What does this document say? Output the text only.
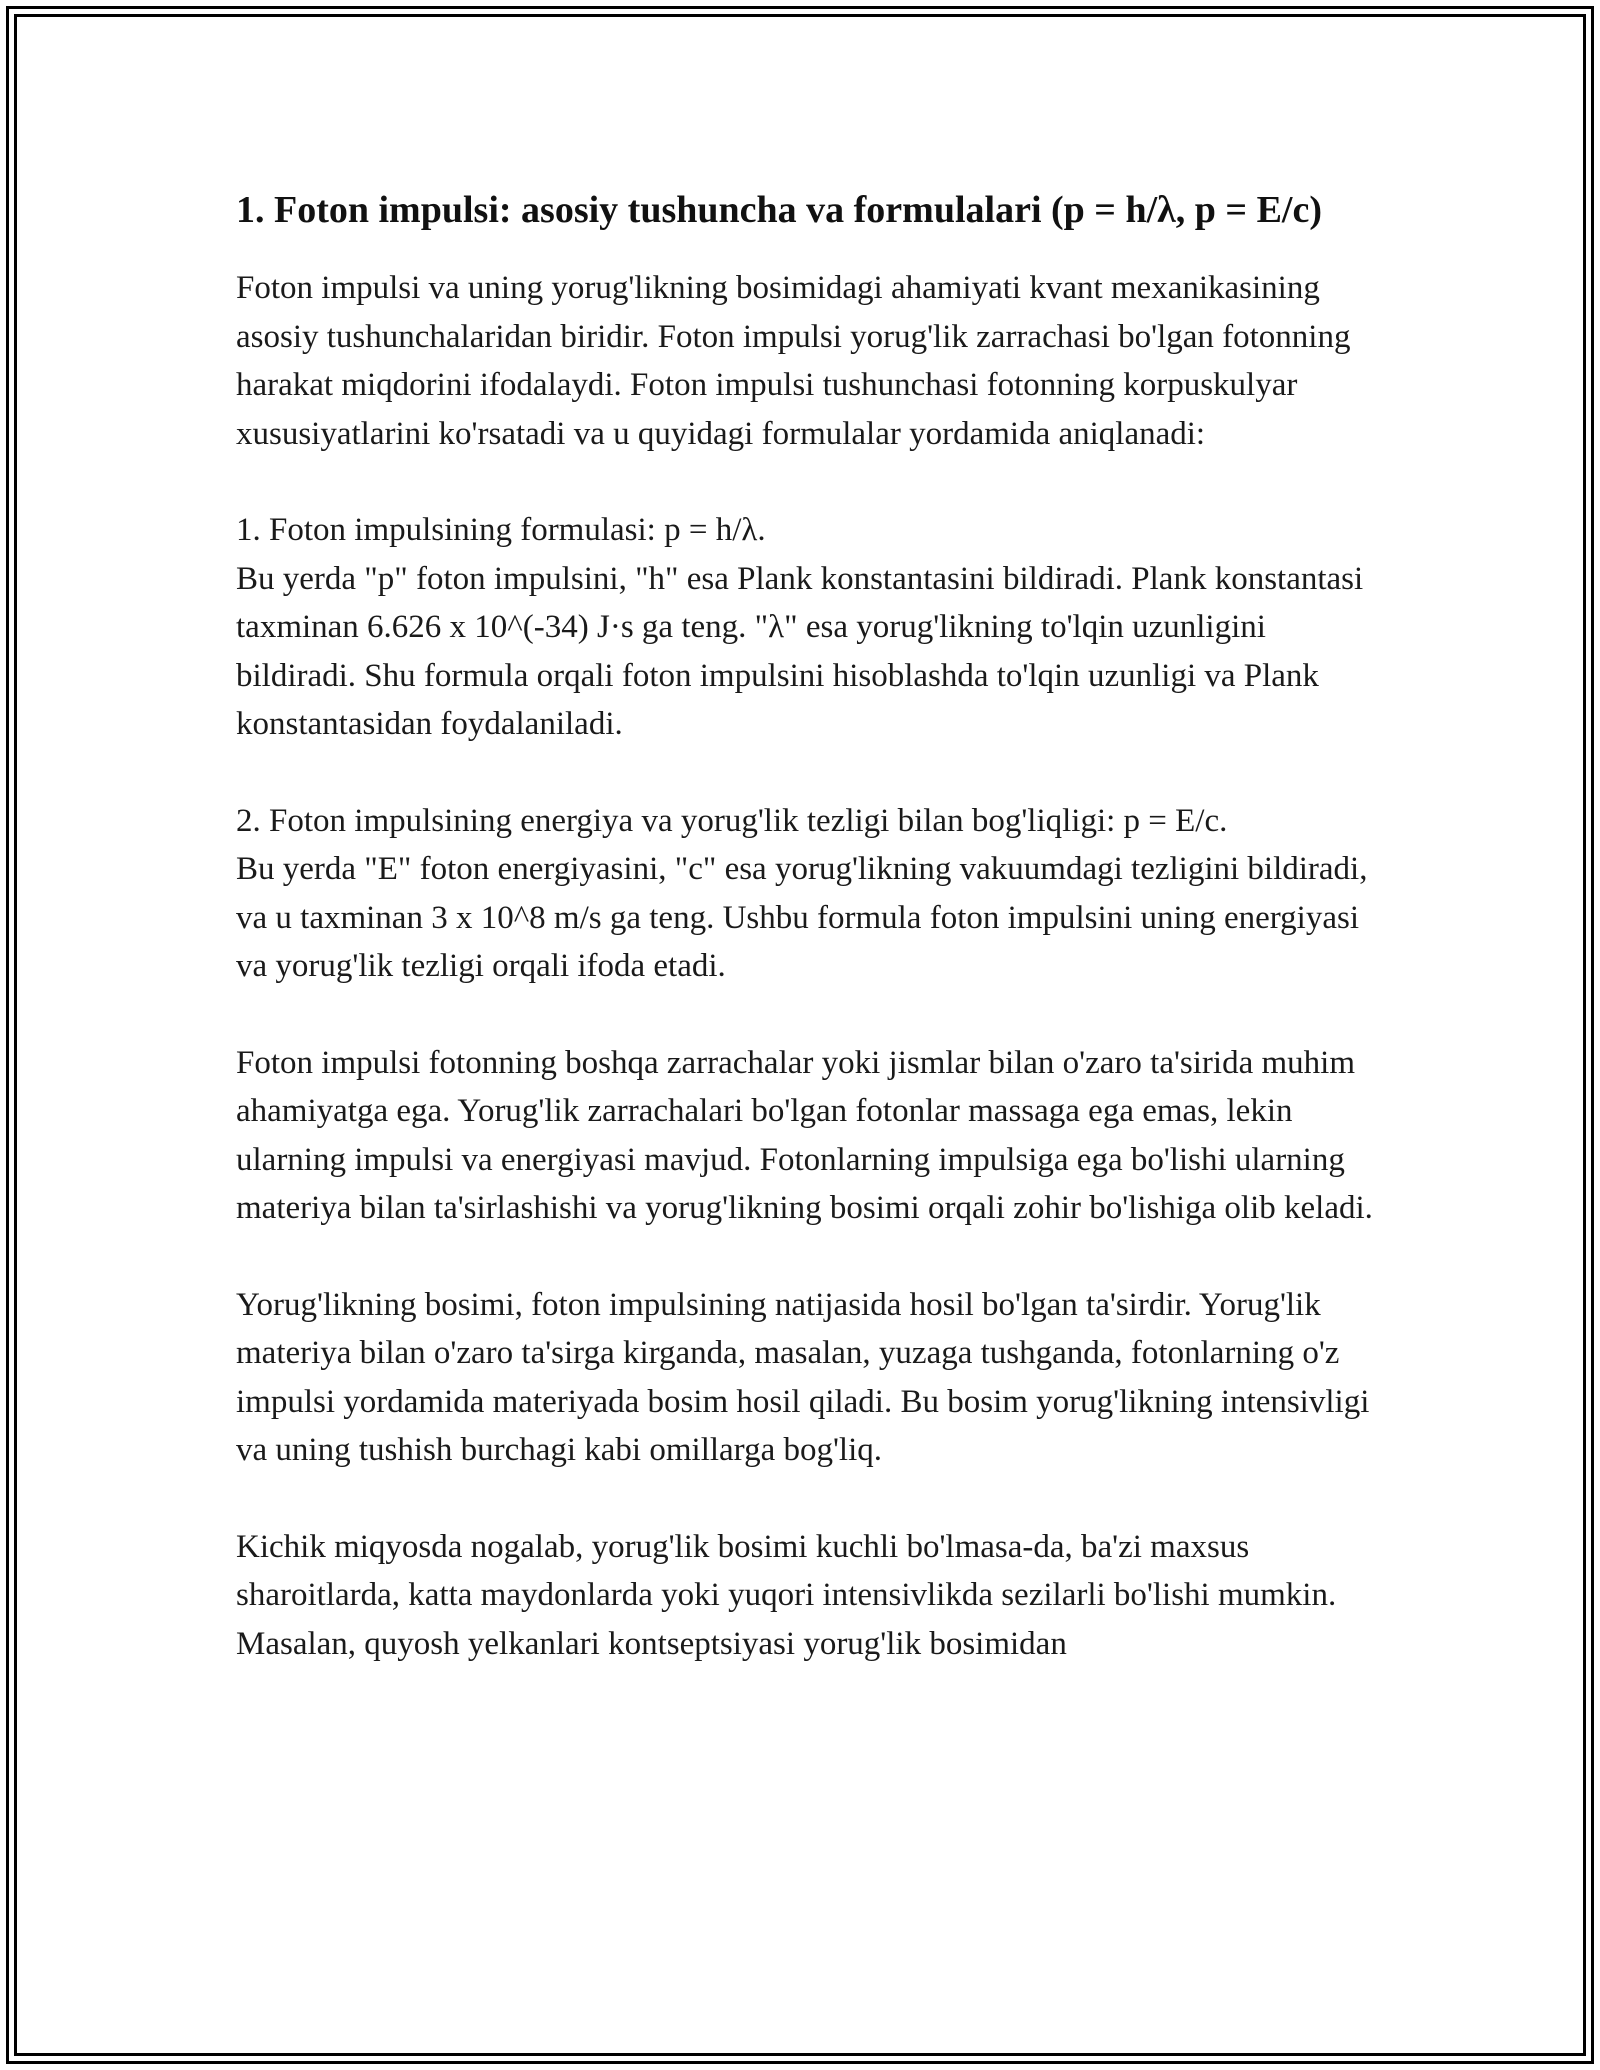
1. Foton impulsi: asosiy tushuncha va formulalari (p = h/λ, p = E/c)

Foton impulsi va uning yorug'likning bosimidagi ahamiyati kvant mexanikasining asosiy tushunchalaridan biridir. Foton impulsi yorug'lik zarrachasi bo'lgan fotonning harakat miqdorini ifodalaydi. Foton impulsi tushunchasi fotonning korpuskulyar xususiyatlarini ko'rsatadi va u quyidagi formulalar yordamida aniqlanadi:

1. Foton impulsining formulasi: p = h/λ.
Bu yerda "p" foton impulsini, "h" esa Plank konstantasini bildiradi. Plank konstantasi taxminan 6.626 x 10^(-34) J·s ga teng. "λ" esa yorug'likning to'lqin uzunligini bildiradi. Shu formula orqali foton impulsini hisoblashda to'lqin uzunligi va Plank konstantasidan foydalaniladi.

2. Foton impulsining energiya va yorug'lik tezligi bilan bog'liqligi: p = E/c.
Bu yerda "E" foton energiyasini, "c" esa yorug'likning vakuumdagi tezligini bildiradi, va u taxminan 3 x 10^8 m/s ga teng. Ushbu formula foton impulsini uning energiyasi va yorug'lik tezligi orqali ifoda etadi.

Foton impulsi fotonning boshqa zarrachalar yoki jismlar bilan o'zaro ta'sirida muhim ahamiyatga ega. Yorug'lik zarrachalari bo'lgan fotonlar massaga ega emas, lekin ularning impulsi va energiyasi mavjud. Fotonlarning impulsiga ega bo'lishi ularning materiya bilan ta'sirlashishi va yorug'likning bosimi orqali zohir bo'lishiga olib keladi.

Yorug'likning bosimi, foton impulsining natijasida hosil bo'lgan ta'sirdir. Yorug'lik materiya bilan o'zaro ta'sirga kirganda, masalan, yuzaga tushganda, fotonlarning o'z impulsi yordamida materiyada bosim hosil qiladi. Bu bosim yorug'likning intensivligi va uning tushish burchagi kabi omillarga bog'liq.

Kichik miqyosda nogalab, yorug'lik bosimi kuchli bo'lmasa-da, ba'zi maxsus sharoitlarda, katta maydonlarda yoki yuqori intensivlikda sezilarli bo'lishi mumkin. Masalan, quyosh yelkanlari kontseptsiyasi yorug'lik bosimidan
